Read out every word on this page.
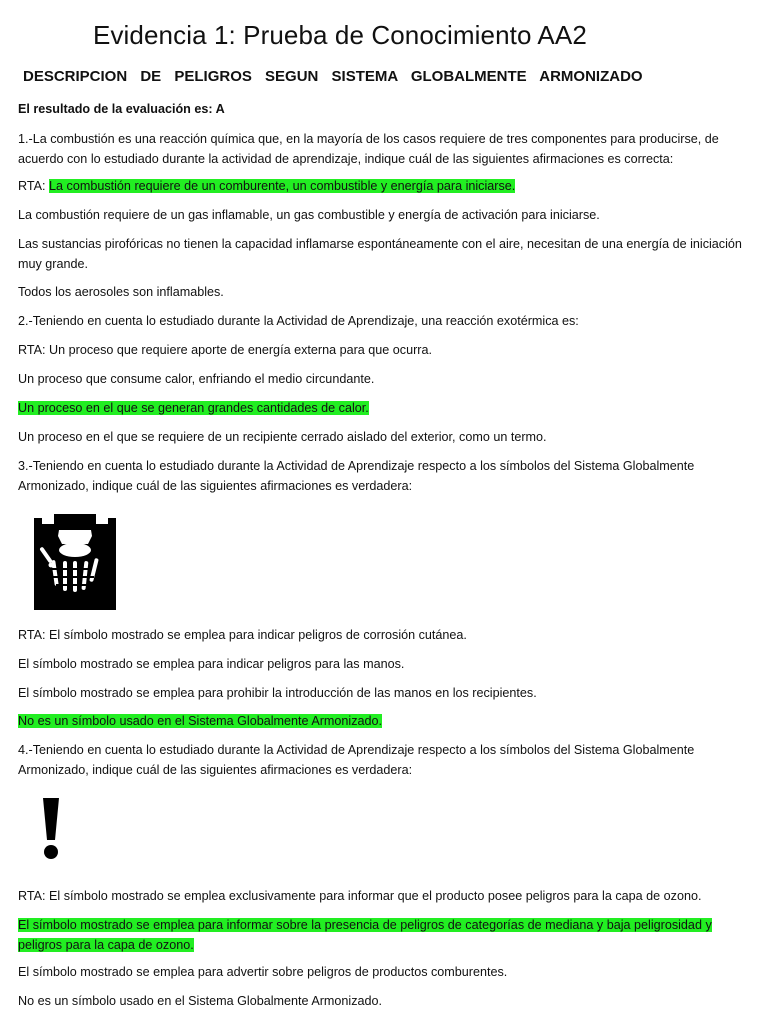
Evidencia 1: Prueba de Conocimiento AA2
DESCRIPCION DE PELIGROS SEGUN SISTEMA GLOBALMENTE ARMONIZADO

El resultado de la evaluación es: A

1.-La combustión es una reacción química que, en la mayoría de los casos requiere de tres componentes para producirse, de acuerdo con lo estudiado durante la actividad de aprendizaje, indique cuál de las siguientes afirmaciones es correcta:

RTA: La combustión requiere de un comburente, un combustible y energía para iniciarse.

La combustión requiere de un gas inflamable, un gas combustible y energía de activación para iniciarse.

Las sustancias pirofóricas no tienen la capacidad inflamarse espontáneamente con el aire, necesitan de una energía de iniciación muy grande.

Todos los aerosoles son inflamables.

2.-Teniendo en cuenta lo estudiado durante la Actividad de Aprendizaje, una reacción exotérmica es:

RTA: Un proceso que requiere aporte de energía externa para que ocurra.

Un proceso que consume calor, enfriando el medio circundante.

Un proceso en el que se generan grandes cantidades de calor.

Un proceso en el que se requiere de un recipiente cerrado aislado del exterior, como un termo.

3.-Teniendo en cuenta lo estudiado durante la Actividad de Aprendizaje respecto a los símbolos del Sistema Globalmente Armonizado, indique cuál de las siguientes afirmaciones es verdadera:

RTA: El símbolo mostrado se emplea para indicar peligros de corrosión cutánea.

El símbolo mostrado se emplea para indicar peligros para las manos.

El símbolo mostrado se emplea para prohibir la introducción de las manos en los recipientes.

No es un símbolo usado en el Sistema Globalmente Armonizado.

4.-Teniendo en cuenta lo estudiado durante la Actividad de Aprendizaje respecto a los símbolos del Sistema Globalmente Armonizado, indique cuál de las siguientes afirmaciones es verdadera:

RTA: El símbolo mostrado se emplea exclusivamente para informar que el producto posee peligros para la capa de ozono.

El símbolo mostrado se emplea para informar sobre la presencia de peligros de categorías de mediana y baja peligrosidad y peligros para la capa de ozono.

El símbolo mostrado se emplea para advertir sobre peligros de productos comburentes.

No es un símbolo usado en el Sistema Globalmente Armonizado.
